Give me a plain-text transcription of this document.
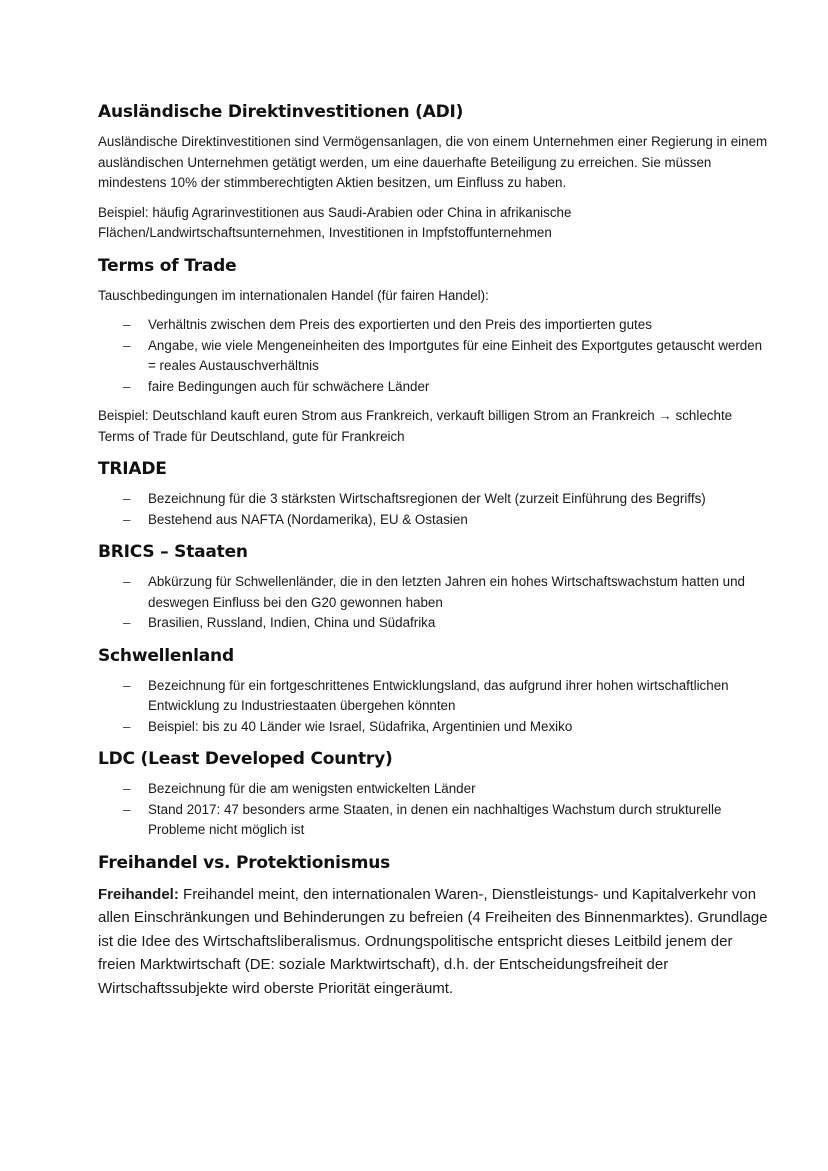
Ausländische Direktinvestitionen (ADI)

Ausländische Direktinvestitionen sind Vermögensanlagen, die von einem Unternehmen einer Regierung in einem ausländischen Unternehmen getätigt werden, um eine dauerhafte Beteiligung zu erreichen. Sie müssen mindestens 10% der stimmberechtigten Aktien besitzen, um Einfluss zu haben.

Beispiel: häufig Agrarinvestitionen aus Saudi-Arabien oder China in afrikanische Flächen/Landwirtschaftsunternehmen, Investitionen in Impfstoffunternehmen

Terms of Trade

Tauschbedingungen im internationalen Handel (für fairen Handel):

– Verhältnis zwischen dem Preis des exportierten und den Preis des importierten gutes
– Angabe, wie viele Mengeneinheiten des Importgutes für eine Einheit des Exportgutes getauscht werden = reales Austauschverhältnis
– faire Bedingungen auch für schwächere Länder

Beispiel: Deutschland kauft euren Strom aus Frankreich, verkauft billigen Strom an Frankreich → schlechte Terms of Trade für Deutschland, gute für Frankreich

TRIADE
– Bezeichnung für die 3 stärksten Wirtschaftsregionen der Welt (zurzeit Einführung des Begriffs)
– Bestehend aus NAFTA (Nordamerika), EU & Ostasien
BRICS – Staaten
– Abkürzung für Schwellenländer, die in den letzten Jahren ein hohes Wirtschaftswachstum hatten und deswegen Einfluss bei den G20 gewonnen haben
– Brasilien, Russland, Indien, China und Südafrika
Schwellenland
– Bezeichnung für ein fortgeschrittenes Entwicklungsland, das aufgrund ihrer hohen wirtschaftlichen Entwicklung zu Industriestaaten übergehen könnten
– Beispiel: bis zu 40 Länder wie Israel, Südafrika, Argentinien und Mexiko
LDC (Least Developed Country)
– Bezeichnung für die am wenigsten entwickelten Länder
– Stand 2017: 47 besonders arme Staaten, in denen ein nachhaltiges Wachstum durch strukturelle Probleme nicht möglich ist
Freihandel vs. Protektionismus

Freihandel: Freihandel meint, den internationalen Waren-, Dienstleistungs- und Kapitalverkehr von allen Einschränkungen und Behinderungen zu befreien (4 Freiheiten des Binnenmarktes). Grundlage ist die Idee des Wirtschaftsliberalismus. Ordnungspolitische entspricht dieses Leitbild jenem der freien Marktwirtschaft (DE: soziale Marktwirtschaft), d.h. der Entscheidungsfreiheit der Wirtschaftssubjekte wird oberste Priorität eingeräumt.
